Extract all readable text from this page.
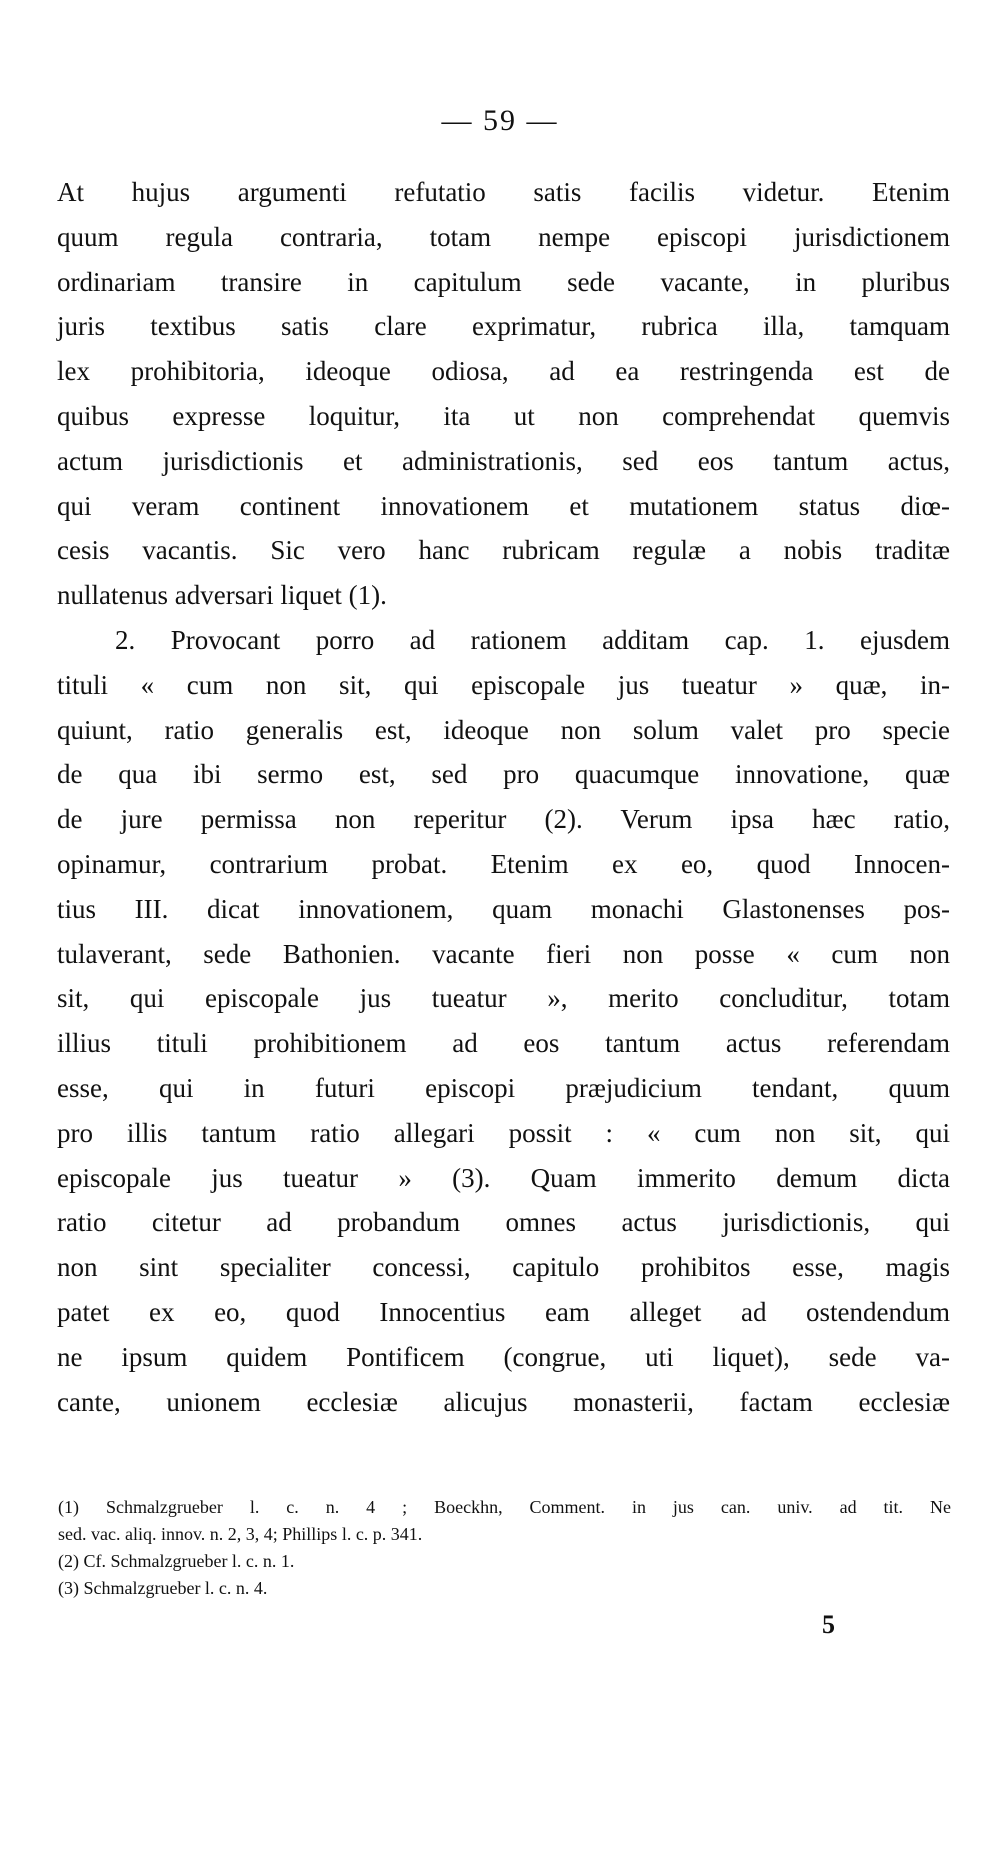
— 59 —
At hujus argumenti refutatio satis facilis videtur. Etenim
quum regula contraria, totam nempe episcopi jurisdictionem
ordinariam transire in capitulum sede vacante, in pluribus
juris textibus satis clare exprimatur, rubrica illa, tamquam
lex prohibitoria, ideoque odiosa, ad ea restringenda est de
quibus expresse loquitur, ita ut non comprehendat quemvis
actum jurisdictionis et administrationis, sed eos tantum actus,
qui veram continent innovationem et mutationem status diœ-
cesis vacantis. Sic vero hanc rubricam regulæ a nobis traditæ
nullatenus adversari liquet (1).
2. Provocant porro ad rationem additam cap. 1. ejusdem
tituli « cum non sit, qui episcopale jus tueatur » quæ, in-
quiunt, ratio generalis est, ideoque non solum valet pro specie
de qua ibi sermo est, sed pro quacumque innovatione, quæ
de jure permissa non reperitur (2). Verum ipsa hæc ratio,
opinamur, contrarium probat. Etenim ex eo, quod Innocen-
tius III. dicat innovationem, quam monachi Glastonenses pos-
tulaverant, sede Bathonien. vacante fieri non posse « cum non
sit, qui episcopale jus tueatur », merito concluditur, totam
illius tituli prohibitionem ad eos tantum actus referendam
esse, qui in futuri episcopi præjudicium tendant, quum
pro illis tantum ratio allegari possit : « cum non sit, qui
episcopale jus tueatur » (3). Quam immerito demum dicta
ratio citetur ad probandum omnes actus jurisdictionis, qui
non sint specialiter concessi, capitulo prohibitos esse, magis
patet ex eo, quod Innocentius eam alleget ad ostendendum
ne ipsum quidem Pontificem (congrue, uti liquet), sede va-
cante, unionem ecclesiæ alicujus monasterii, factam ecclesiæ
(1) Schmalzgrueber l. c. n. 4 ; Boeckhn, Comment. in jus can. univ. ad tit. Ne
sed. vac. aliq. innov. n. 2, 3, 4; Phillips l. c. p. 341.
(2) Cf. Schmalzgrueber l. c. n. 1.
(3) Schmalzgrueber l. c. n. 4.
5
